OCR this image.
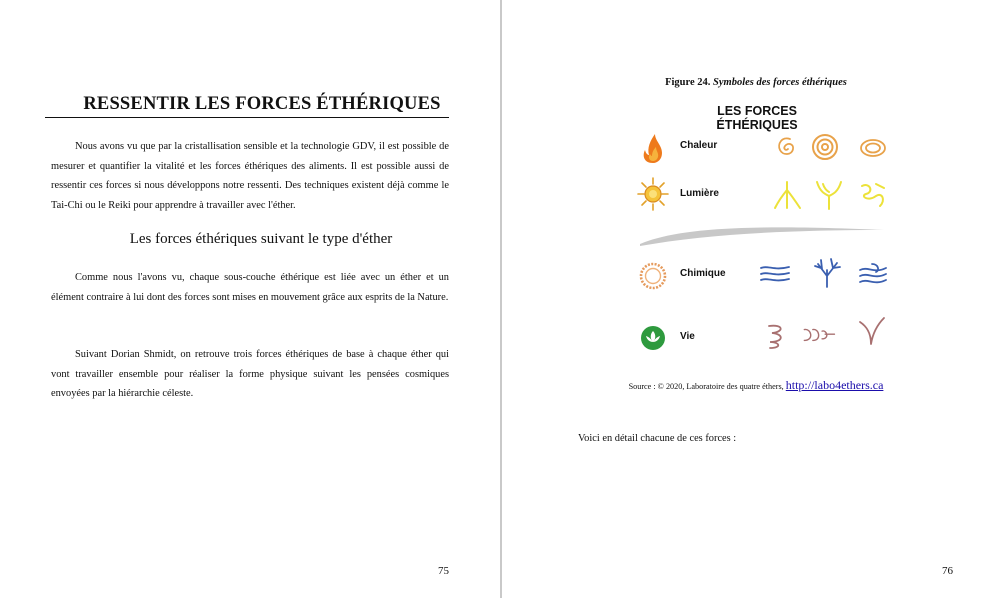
RESSENTIR LES FORCES ÉTHÉRIQUES

Nous avons vu que par la cristallisation sensible et la technologie GDV, il est possible de mesurer et quantifier la vitalité et les forces éthériques des aliments. Il est possible aussi de ressentir ces forces si nous développons notre ressenti. Des techniques existent déjà comme le Tai-Chi ou le Reiki pour apprendre à travailler avec l'éther.

Les forces éthériques suivant le type d'éther

Comme nous l'avons vu, chaque sous-couche éthérique est liée avec un éther et un élément contraire à lui dont des forces sont mises en mouvement grâce aux esprits de la Nature.

Suivant Dorian Shmidt, on retrouve trois forces éthériques de base à chaque éther qui vont travailler ensemble pour réaliser la forme physique suivant les pensées cosmiques envoyées par la hiérarchie céleste.

75
Figure 24. Symboles des forces éthériques
LES FORCES ÉTHÉRIQUES
Chaleur
Lumière
Chimique
Vie
Source : © 2020, Laboratoire des quatre éthers, http://labo4ethers.ca
Voici en détail chacune de ces forces :
76
